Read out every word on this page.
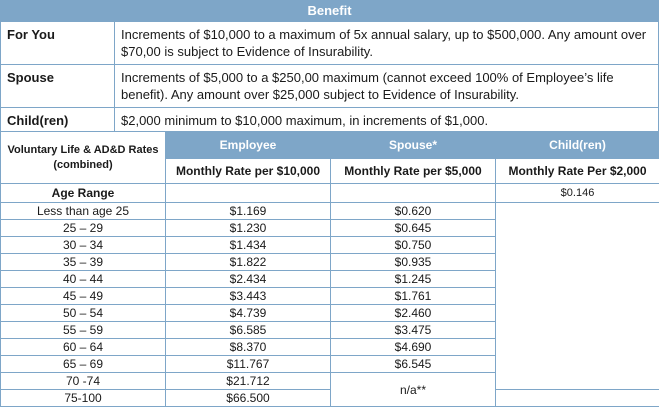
Benefit
For You	Increments of $10,000 to a maximum of 5x annual salary, up to $500,000. Any amount over $70,00 is subject to Evidence of Insurability.
Spouse	Increments of $5,000 to a $250,00 maximum (cannot exceed 100% of Employee’s life benefit). Any amount over $25,000 subject to Evidence of Insurability.
Child(ren)	$2,000 minimum to $10,000 maximum, in increments of $1,000.
Voluntary Life & AD&D Rates (combined)	Employee	Spouse*	Child(ren)
	Monthly Rate per $10,000	Monthly Rate per $5,000	Monthly Rate Per $2,000
Age Range			$0.146
Less than age 25	$1.169	$0.620	
25 – 29	$1.230	$0.645	
30 – 34	$1.434	$0.750	
35 – 39	$1.822	$0.935	
40 – 44	$2.434	$1.245	
45 – 49	$3.443	$1.761	
50 – 54	$4.739	$2.460	
55 – 59	$6.585	$3.475	
60 – 64	$8.370	$4.690	
65 – 69	$11.767	$6.545	
70 -74	$21.712	n/a**	
75-100	$66.500		
